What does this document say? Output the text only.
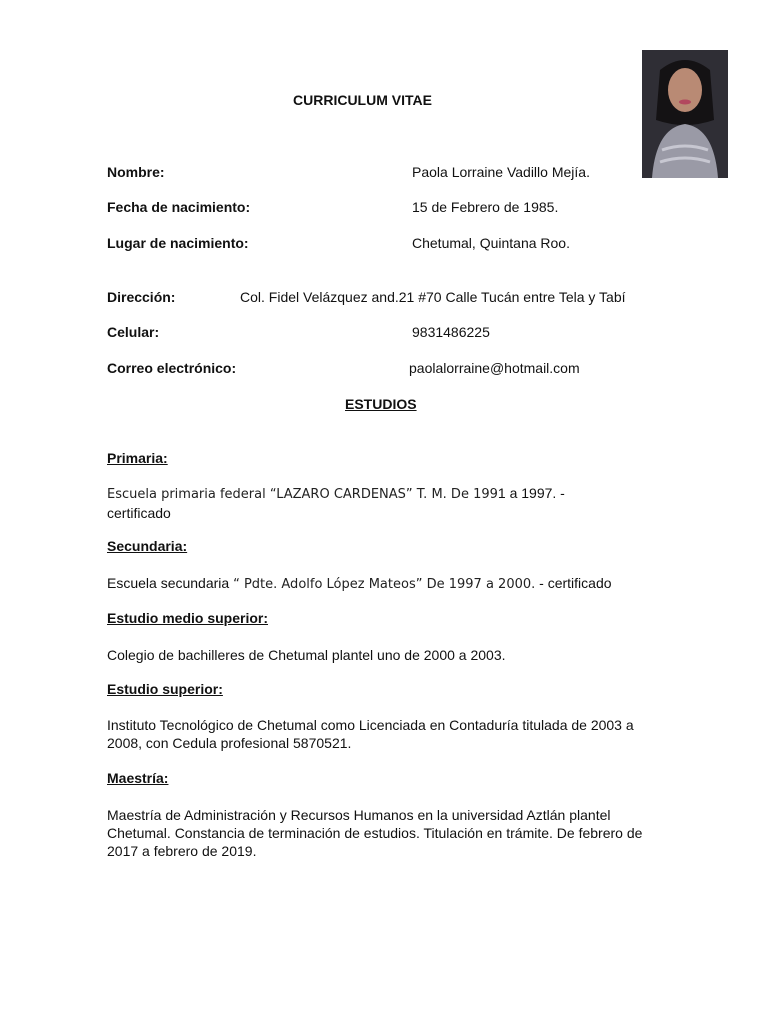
CURRICULUM VITAE
Nombre:	Paola Lorraine Vadillo Mejía.
Fecha de nacimiento:	15 de Febrero de 1985.
Lugar de nacimiento:	Chetumal, Quintana Roo.
Dirección:	Col. Fidel Velázquez and.21 #70 Calle Tucán entre Tela y Tabí
Celular:	9831486225
Correo electrónico:	paolalorraine@hotmail.com
ESTUDIOS
Primaria:
Escuela primaria federal “LAZARO CARDENAS” T. M. De 1991 a 1997. -
certificado
Secundaria:
Escuela secundaria “ Pdte. Adolfo López Mateos” De 1997 a 2000. - certificado
Estudio medio superior:
Colegio de bachilleres de Chetumal plantel uno de 2000 a 2003.
Estudio superior:
Instituto Tecnológico de Chetumal como Licenciada en Contaduría titulada de 2003 a 2008, con Cedula profesional 5870521.
Maestría:
Maestría de Administración y Recursos Humanos en la universidad Aztlán plantel Chetumal. Constancia de terminación de estudios. Titulación en trámite. De febrero de 2017 a febrero de 2019.
